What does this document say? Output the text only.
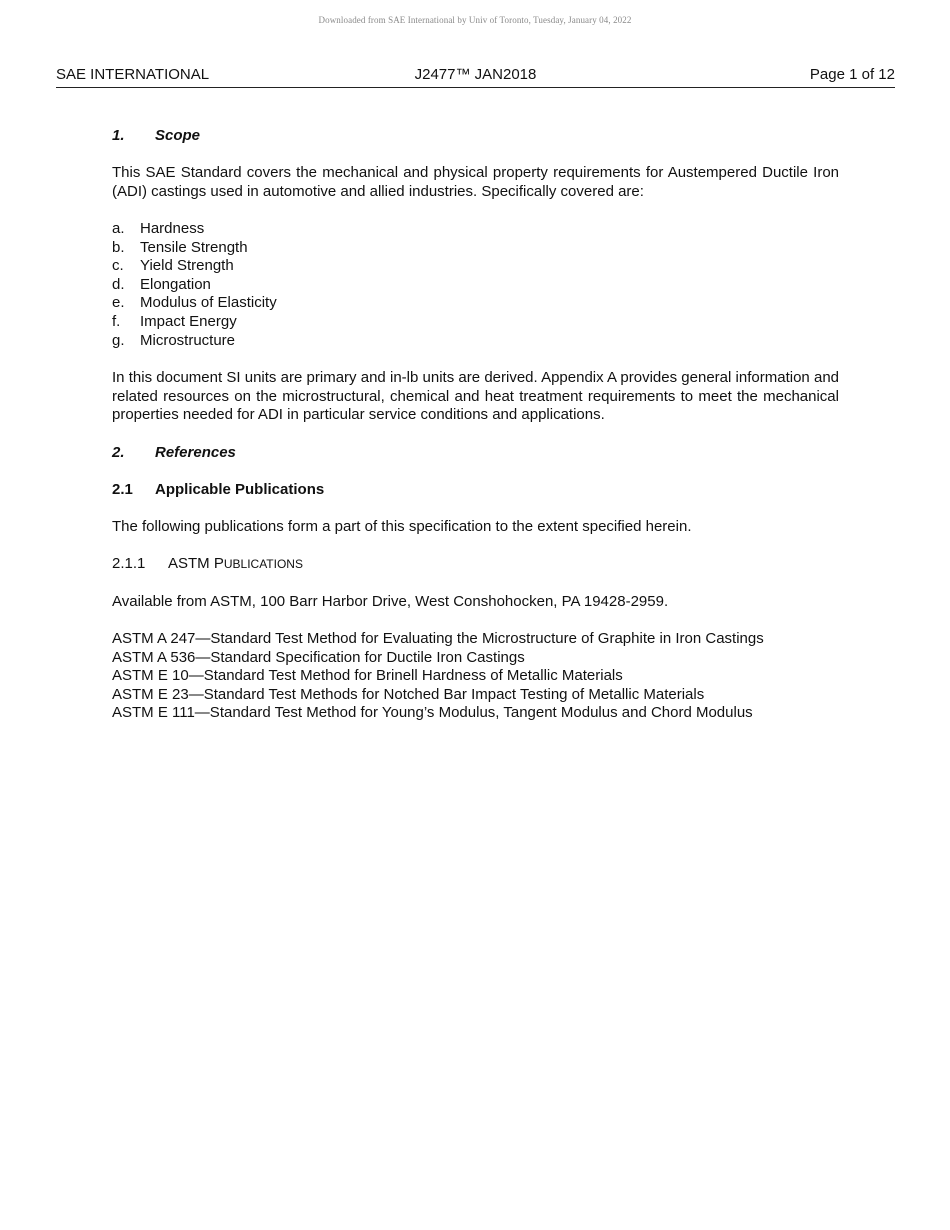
Downloaded from SAE International by Univ of Toronto, Tuesday, January 04, 2022
SAE INTERNATIONAL	J2477™ JAN2018	Page 1 of 12
1. Scope
This SAE Standard covers the mechanical and physical property requirements for Austempered Ductile Iron (ADI) castings used in automotive and allied industries. Specifically covered are:
a. Hardness
b. Tensile Strength
c. Yield Strength
d. Elongation
e. Modulus of Elasticity
f. Impact Energy
g. Microstructure
In this document SI units are primary and in-lb units are derived. Appendix A provides general information and related resources on the microstructural, chemical and heat treatment requirements to meet the mechanical properties needed for ADI in particular service conditions and applications.
2. References
2.1 Applicable Publications
The following publications form a part of this specification to the extent specified herein.
2.1.1 ASTM PUBLICATIONS
Available from ASTM, 100 Barr Harbor Drive, West Conshohocken, PA 19428-2959.
ASTM A 247—Standard Test Method for Evaluating the Microstructure of Graphite in Iron Castings
ASTM A 536—Standard Specification for Ductile Iron Castings
ASTM E 10—Standard Test Method for Brinell Hardness of Metallic Materials
ASTM E 23—Standard Test Methods for Notched Bar Impact Testing of Metallic Materials
ASTM E 111—Standard Test Method for Young’s Modulus, Tangent Modulus and Chord Modulus
